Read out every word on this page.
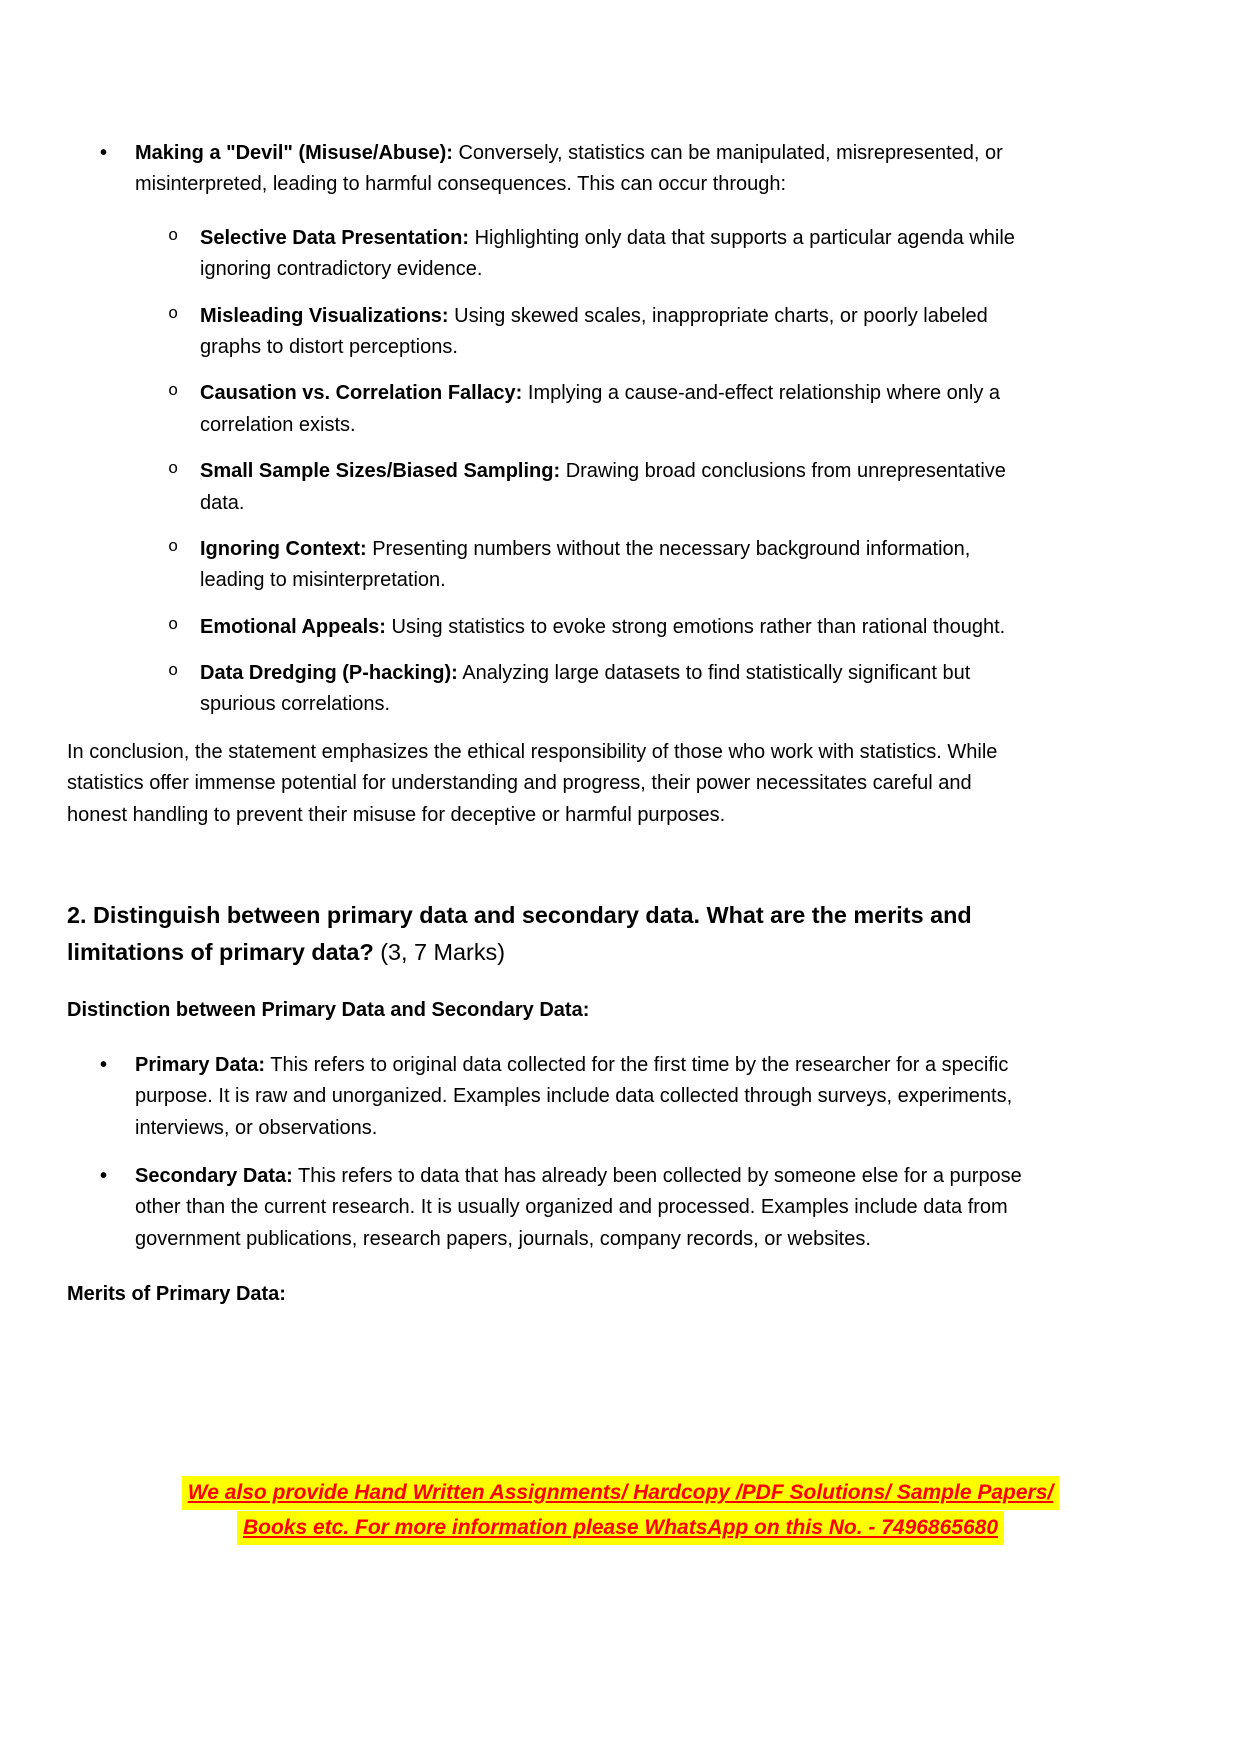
• Making a "Devil" (Misuse/Abuse): Conversely, statistics can be manipulated, misrepresented, or misinterpreted, leading to harmful consequences. This can occur through:
o Selective Data Presentation: Highlighting only data that supports a particular agenda while ignoring contradictory evidence.
o Misleading Visualizations: Using skewed scales, inappropriate charts, or poorly labeled graphs to distort perceptions.
o Causation vs. Correlation Fallacy: Implying a cause-and-effect relationship where only a correlation exists.
o Small Sample Sizes/Biased Sampling: Drawing broad conclusions from unrepresentative data.
o Ignoring Context: Presenting numbers without the necessary background information, leading to misinterpretation.
o Emotional Appeals: Using statistics to evoke strong emotions rather than rational thought.
o Data Dredging (P-hacking): Analyzing large datasets to find statistically significant but spurious correlations.

In conclusion, the statement emphasizes the ethical responsibility of those who work with statistics. While statistics offer immense potential for understanding and progress, their power necessitates careful and honest handling to prevent their misuse for deceptive or harmful purposes.

2. Distinguish between primary data and secondary data. What are the merits and limitations of primary data? (3, 7 Marks)
Distinction between Primary Data and Secondary Data:
• Primary Data: This refers to original data collected for the first time by the researcher for a specific purpose. It is raw and unorganized. Examples include data collected through surveys, experiments, interviews, or observations.
• Secondary Data: This refers to data that has already been collected by someone else for a purpose other than the current research. It is usually organized and processed. Examples include data from government publications, research papers, journals, company records, or websites.
Merits of Primary Data:
We also provide Hand Written Assignments/ Hardcopy /PDF Solutions/ Sample Papers/
Books etc. For more information please WhatsApp on this No. - 7496865680
